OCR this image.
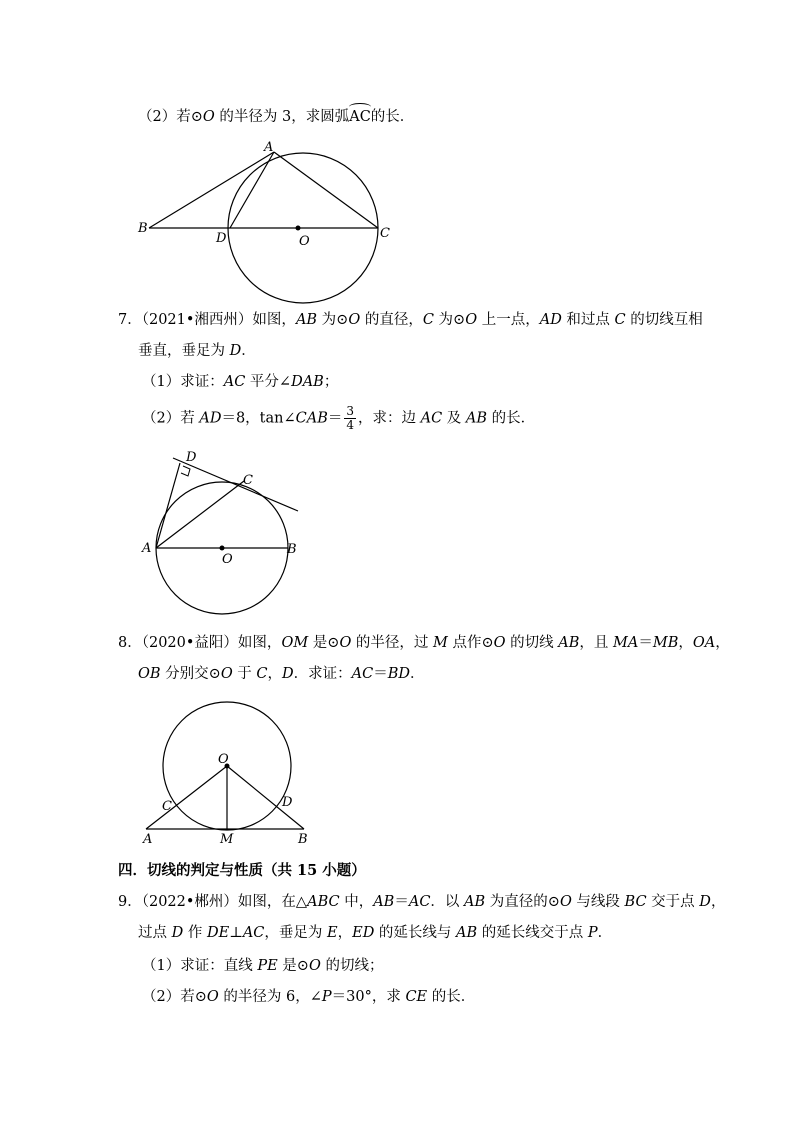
（2）若⊙O 的半径为 3，求圆弧AC的长．
A
B	C
D	O
7．（2021•湘西州）如图，AB 为⊙O 的直径，C 为⊙O 上一点，AD 和过点 C 的切线互相
垂直，垂足为 D．
（1）求证：AC 平分∠DAB；
（2）若 AD＝8，tan∠CAB＝ $\frac{3}{4}$ ，求：边 AC 及 AB 的长．
D
C
A	B
O
8．（2020•益阳）如图，OM 是⊙O 的半径，过 M 点作⊙O 的切线 AB，且 MA＝MB，OA，
OB 分别交⊙O 于 C，D．求证：AC＝BD．
O
C	D
A	M	B
四．切线的判定与性质（共 15 小题）
9．（2022•郴州）如图，在△ABC 中，AB＝AC．以 AB 为直径的⊙O 与线段 BC 交于点 D，
过点 D 作 DE⊥AC，垂足为 E，ED 的延长线与 AB 的延长线交于点 P．
（1）求证：直线 PE 是⊙O 的切线；
（2）若⊙O 的半径为 6，∠P＝30°，求 CE 的长．
